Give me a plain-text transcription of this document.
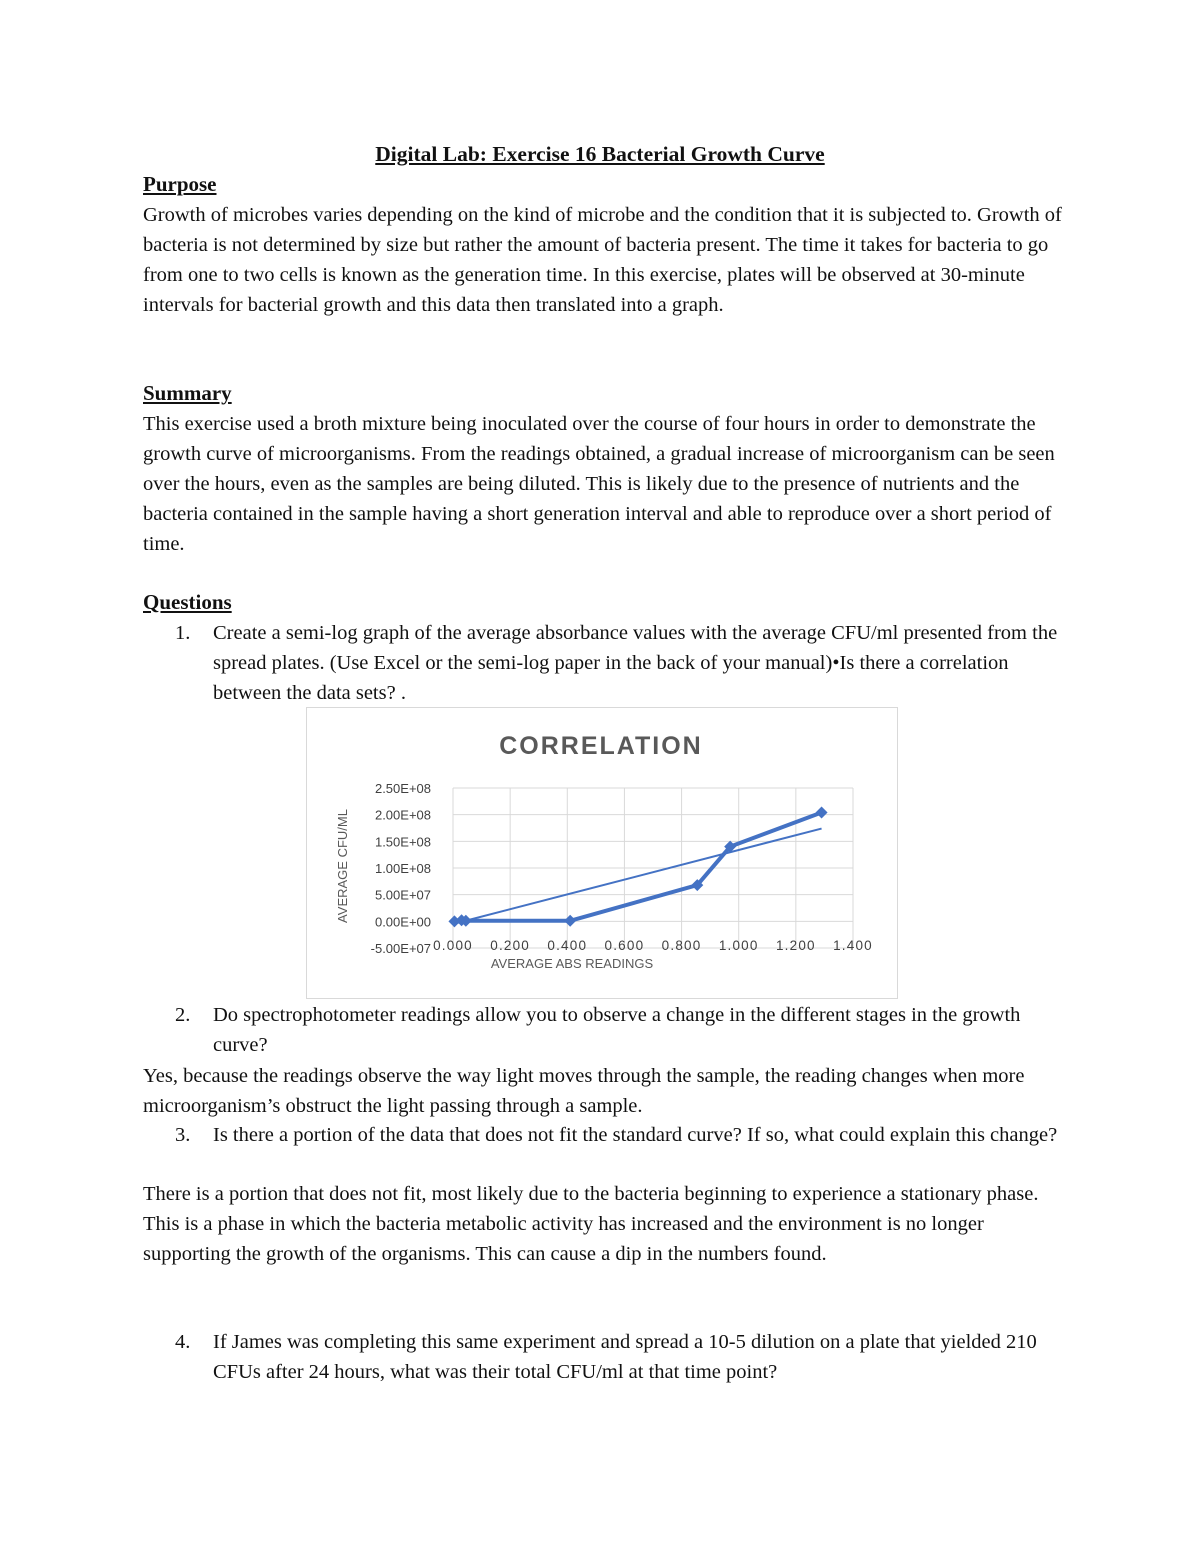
Digital Lab: Exercise 16 Bacterial Growth Curve
Purpose

Growth of microbes varies depending on the kind of microbe and the condition that it is subjected to. Growth of bacteria is not determined by size but rather the amount of bacteria present. The time it takes for bacteria to go from one to two cells is known as the generation time. In this exercise, plates will be observed at 30-minute intervals for bacterial growth and this data then translated into a graph.

Summary

This exercise used a broth mixture being inoculated over the course of four hours in order to demonstrate the growth curve of microorganisms. From the readings obtained, a gradual increase of microorganism can be seen over the hours, even as the samples are being diluted. This is likely due to the presence of nutrients and the bacteria contained in the sample having a short generation interval and able to reproduce over a short period of time.

Questions
1. Create a semi-log graph of the average absorbance values with the average CFU/ml presented from the spread plates. (Use Excel or the semi-log paper in the back of your manual)•Is there a correlation between the data sets? .
CORRELATION
AVERAGE ABS READINGS
AVERAGE CFU/ML
0.000 0.200 0.400 0.600 0.800 1.000 1.200 1.400
-5.00E+07
0.00E+00
5.00E+07
1.00E+08
1.50E+08
2.00E+08
2.50E+08
2. Do spectrophotometer readings allow you to observe a change in the different stages in the growth curve?

Yes, because the readings observe the way light moves through the sample, the reading changes when more microorganism’s obstruct the light passing through a sample.

3. Is there a portion of the data that does not fit the standard curve? If so, what could explain this change?

There is a portion that does not fit, most likely due to the bacteria beginning to experience a stationary phase. This is a phase in which the bacteria metabolic activity has increased and the environment is no longer supporting the growth of the organisms. This can cause a dip in the numbers found.

4. If James was completing this same experiment and spread a 10-5 dilution on a plate that yielded 210 CFUs after 24 hours, what was their total CFU/ml at that time point?
